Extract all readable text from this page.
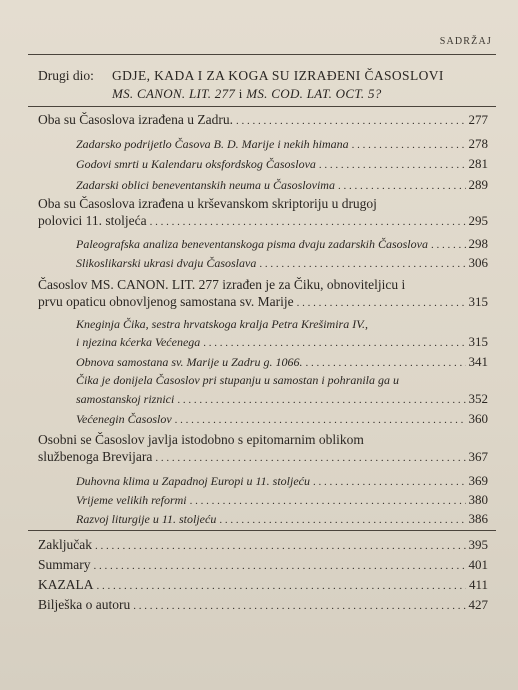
SADRŽAJ
Drugi dio: GDJE, KADA I ZA KOGA SU IZRAĐENI ČASOSLOVI
MS. CANON. LIT. 277 i MS. COD. LAT. OCT. 5?
Oba su Časoslova izrađena u Zadru. . . .	277
Zadarsko podrijetlo Časova B. D. Marije i nekih himana . . .	278
Godovi smrti u Kalendaru oksfordskog Časoslova . . .	281
Zadarski oblici beneventanskih neuma u Časoslovima . . .	289
Oba su Časoslova izrađena u krševanskom skriptoriju u drugoj
polovici 11. stoljeća . . .	295
Paleografska analiza beneventanskoga pisma dvaju zadarskih Časoslova . . .	298
Slikoslikarski ukrasi dvaju Časoslava . . .	306
Časoslov MS. CANON. LIT. 277 izrađen je za Čiku, obnoviteljicu i
prvu opaticu obnovljenog samostana sv. Marije . . .	315
Kneginja Čika, sestra hrvatskoga kralja Petra Krešimira IV.,
i njezina kćerka Većenega . . .	315
Obnova samostana sv. Marije u Zadru g. 1066. . . .	341
Čika je donijela Časoslov pri stupanju u samostan i pohranila ga u
samostanskoj riznici . . .	352
Većenegin Časoslov . . .	360
Osobni se Časoslov javlja istodobno s epitomarnim oblikom
službenoga Brevijara . . .	367
Duhovna klima u Zapadnoj Europi u 11. stoljeću . . .	369
Vrijeme velikih reformi . . .	380
Razvoj liturgije u 11. stoljeću . . .	386
Zaključak . . .	395
Summary . . .	401
KAZALA . . .	411
Bilješka o autoru . . .	427
